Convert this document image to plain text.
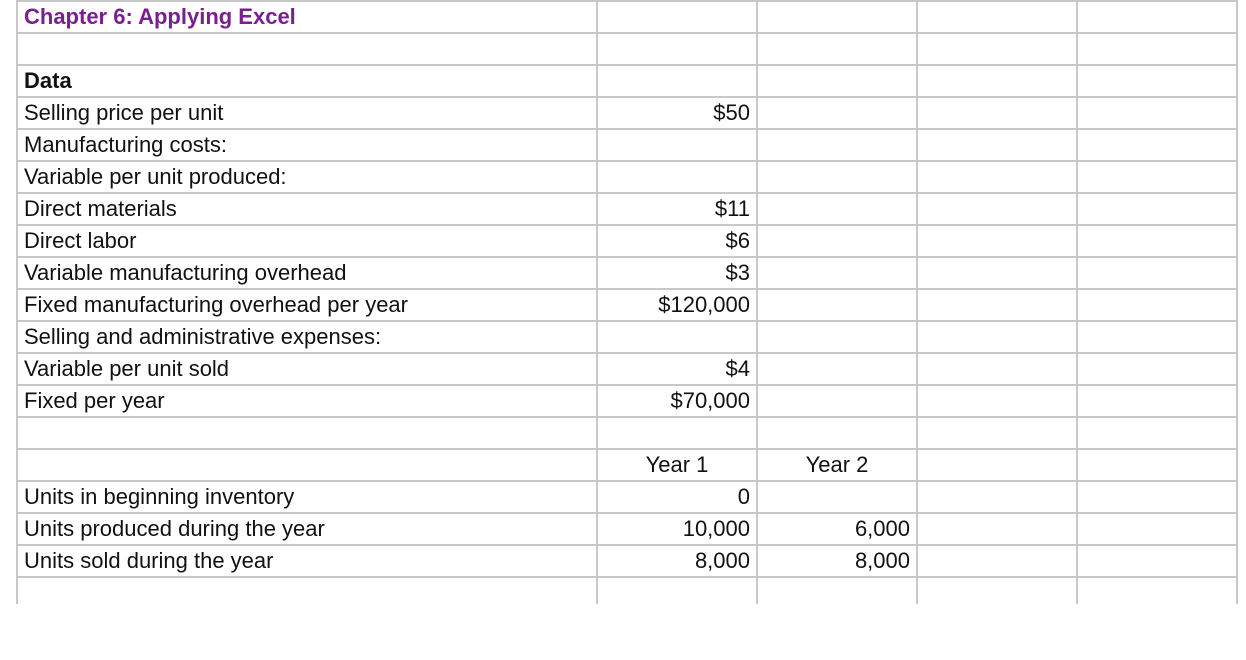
	Chapter 6: Applying Excel				

	Data				
	Selling price per unit	$50			
	Manufacturing costs:				
	Variable per unit produced:				
	Direct materials	$11			
	Direct labor	$6			
	Variable manufacturing overhead	$3			
	Fixed manufacturing overhead per year	$120,000			
	Selling and administrative expenses:				
	Variable per unit sold	$4			
	Fixed per year	$70,000			

		Year 1	Year 2		
	Units in beginning inventory	0			
	Units produced during the year	10,000	6,000		
	Units sold during the year	8,000	8,000		
